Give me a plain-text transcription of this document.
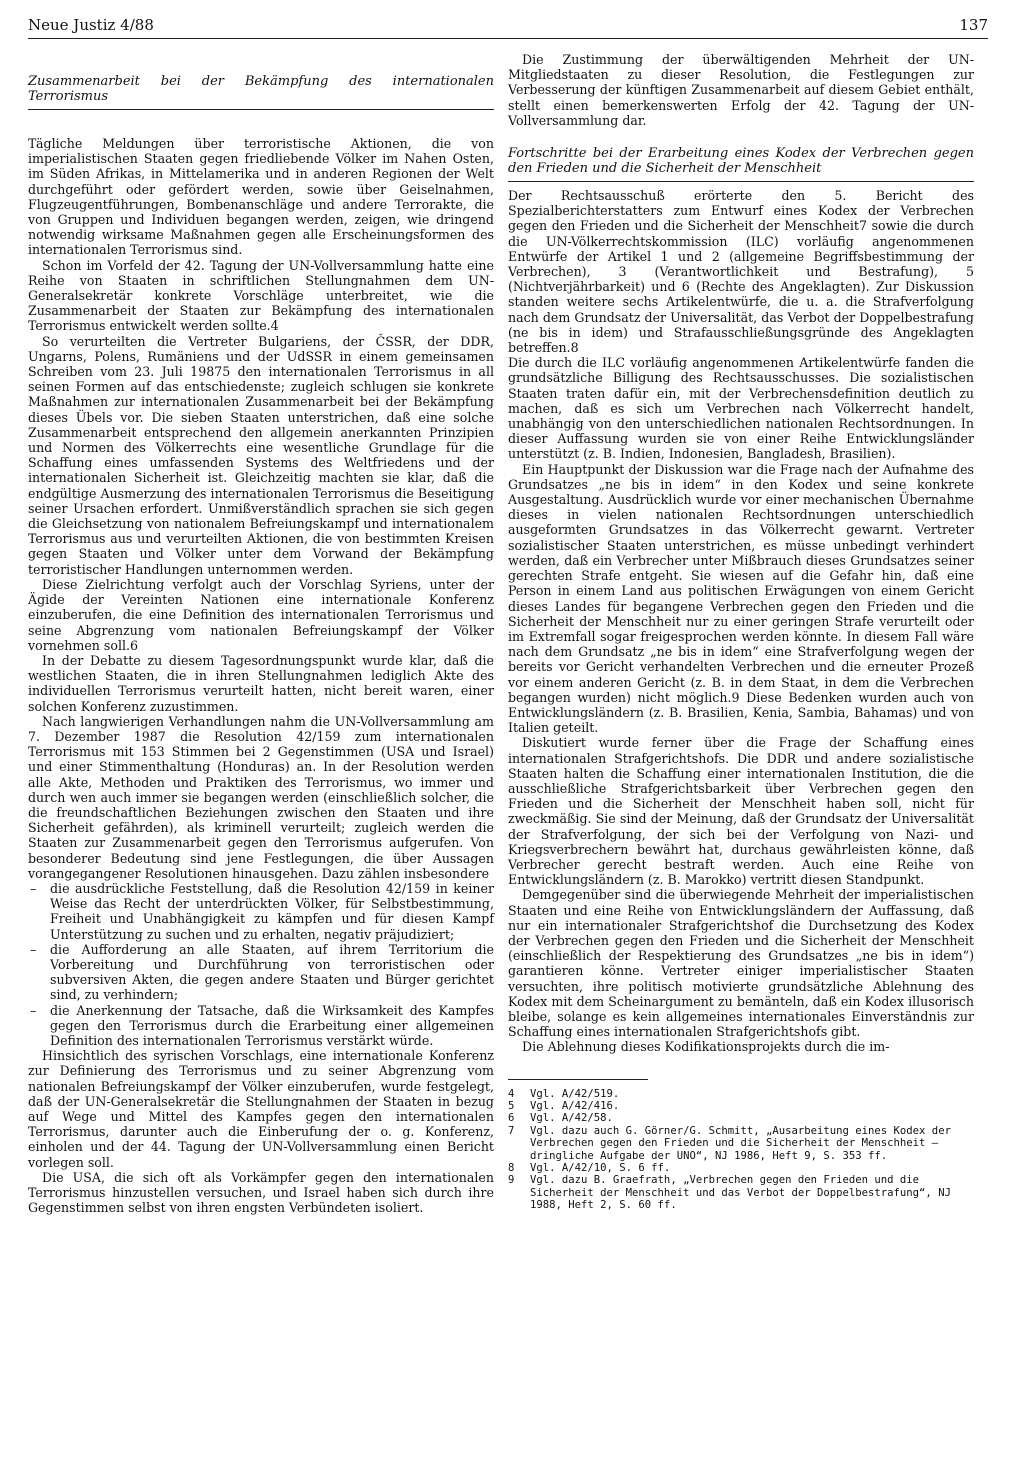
Neue Justiz 4/88	137
Zusammenarbeit bei der Bekämpfung des internationalen Terrorismus

Tägliche Meldungen über terroristische Aktionen, die von imperialistischen Staaten gegen friedliebende Völker im Nahen Osten, im Süden Afrikas, in Mittelamerika und in anderen Regionen der Welt durchgeführt oder gefördert werden, sowie über Geiselnahmen, Flugzeugentführungen, Bombenanschläge und andere Terrorakte, die von Gruppen und Individuen begangen werden, zeigen, wie dringend notwendig wirksame Maßnahmen gegen alle Erscheinungsformen des internationalen Terrorismus sind.

Schon im Vorfeld der 42. Tagung der UN-Vollversammlung hatte eine Reihe von Staaten in schriftlichen Stellungnahmen dem UN-Generalsekretär konkrete Vorschläge unterbreitet, wie die Zusammenarbeit der Staaten zur Bekämpfung des internationalen Terrorismus entwickelt werden sollte.4

So verurteilten die Vertreter Bulgariens, der ČSSR, der DDR, Ungarns, Polens, Rumäniens und der UdSSR in einem gemeinsamen Schreiben vom 23. Juli 19875 den internationalen Terrorismus in all seinen Formen auf das entschiedenste; zugleich schlugen sie konkrete Maßnahmen zur internationalen Zusammenarbeit bei der Bekämpfung dieses Übels vor. Die sieben Staaten unterstrichen, daß eine solche Zusammenarbeit entsprechend den allgemein anerkannten Prinzipien und Normen des Völkerrechts eine wesentliche Grundlage für die Schaffung eines umfassenden Systems des Weltfriedens und der internationalen Sicherheit ist. Gleichzeitig machten sie klar, daß die endgültige Ausmerzung des internationalen Terrorismus die Beseitigung seiner Ursachen erfordert. Unmißverständlich sprachen sie sich gegen die Gleichsetzung von nationalem Befreiungskampf und internationalem Terrorismus aus und verurteilten Aktionen, die von bestimmten Kreisen gegen Staaten und Völker unter dem Vorwand der Bekämpfung terroristischer Handlungen unternommen werden.

Diese Zielrichtung verfolgt auch der Vorschlag Syriens, unter der Ägide der Vereinten Nationen eine internationale Konferenz einzuberufen, die eine Definition des internationalen Terrorismus und seine Abgrenzung vom nationalen Befreiungskampf der Völker vornehmen soll.6

In der Debatte zu diesem Tagesordnungspunkt wurde klar, daß die westlichen Staaten, die in ihren Stellungnahmen lediglich Akte des individuellen Terrorismus verurteilt hatten, nicht bereit waren, einer solchen Konferenz zuzustimmen.

Nach langwierigen Verhandlungen nahm die UN-Vollversammlung am 7. Dezember 1987 die Resolution 42/159 zum internationalen Terrorismus mit 153 Stimmen bei 2 Gegenstimmen (USA und Israel) und einer Stimmenthaltung (Honduras) an. In der Resolution werden alle Akte, Methoden und Praktiken des Terrorismus, wo immer und durch wen auch immer sie begangen werden (einschließlich solcher, die die freundschaftlichen Beziehungen zwischen den Staaten und ihre Sicherheit gefährden), als kriminell verurteilt; zugleich werden die Staaten zur Zusammenarbeit gegen den Terrorismus aufgerufen. Von besonderer Bedeutung sind jene Festlegungen, die über Aussagen vorangegangener Resolutionen hinausgehen. Dazu zählen insbesondere

– die ausdrückliche Feststellung, daß die Resolution 42/159 in keiner Weise das Recht der unterdrückten Völker, für Selbstbestimmung, Freiheit und Unabhängigkeit zu kämpfen und für diesen Kampf Unterstützung zu suchen und zu erhalten, negativ präjudiziert;
– die Aufforderung an alle Staaten, auf ihrem Territorium die Vorbereitung und Durchführung von terroristischen oder subversiven Akten, die gegen andere Staaten und Bürger gerichtet sind, zu verhindern;
– die Anerkennung der Tatsache, daß die Wirksamkeit des Kampfes gegen den Terrorismus durch die Erarbeitung einer allgemeinen Definition des internationalen Terrorismus verstärkt würde.

Hinsichtlich des syrischen Vorschlags, eine internationale Konferenz zur Definierung des Terrorismus und zu seiner Abgrenzung vom nationalen Befreiungskampf der Völker einzuberufen, wurde festgelegt, daß der UN-Generalsekretär die Stellungnahmen der Staaten in bezug auf Wege und Mittel des Kampfes gegen den internationalen Terrorismus, darunter auch die Einberufung der o. g. Konferenz, einholen und der 44. Tagung der UN-Vollversammlung einen Bericht vorlegen soll.

Die USA, die sich oft als Vorkämpfer gegen den internationalen Terrorismus hinzustellen versuchen, und Israel haben sich durch ihre Gegenstimmen selbst von ihren engsten Verbündeten isoliert.

Die Zustimmung der überwältigenden Mehrheit der UN-Mitgliedstaaten zu dieser Resolution, die Festlegungen zur Verbesserung der künftigen Zusammenarbeit auf diesem Gebiet enthält, stellt einen bemerkenswerten Erfolg der 42. Tagung der UN-Vollversammlung dar.

Fortschritte bei der Erarbeitung eines Kodex der Verbrechen gegen den Frieden und die Sicherheit der Menschheit

Der Rechtsausschuß erörterte den 5. Bericht des Spezialberichterstatters zum Entwurf eines Kodex der Verbrechen gegen den Frieden und die Sicherheit der Menschheit7 sowie die durch die UN-Völkerrechtskommission (ILC) vorläufig angenommenen Entwürfe der Artikel 1 und 2 (allgemeine Begriffsbestimmung der Verbrechen), 3 (Verantwortlichkeit und Bestrafung), 5 (Nichtverjährbarkeit) und 6 (Rechte des Angeklagten). Zur Diskussion standen weitere sechs Artikelentwürfe, die u. a. die Strafverfolgung nach dem Grundsatz der Universalität, das Verbot der Doppelbestrafung (ne bis in idem) und Strafausschließungsgründe des Angeklagten betreffen.8

Die durch die ILC vorläufig angenommenen Artikelentwürfe fanden die grundsätzliche Billigung des Rechtsausschusses. Die sozialistischen Staaten traten dafür ein, mit der Verbrechensdefinition deutlich zu machen, daß es sich um Verbrechen nach Völkerrecht handelt, unabhängig von den unterschiedlichen nationalen Rechtsordnungen. In dieser Auffassung wurden sie von einer Reihe Entwicklungsländer unterstützt (z. B. Indien, Indonesien, Bangladesh, Brasilien).

Ein Hauptpunkt der Diskussion war die Frage nach der Aufnahme des Grundsatzes „ne bis in idem“ in den Kodex und seine konkrete Ausgestaltung. Ausdrücklich wurde vor einer mechanischen Übernahme dieses in vielen nationalen Rechtsordnungen unterschiedlich ausgeformten Grundsatzes in das Völkerrecht gewarnt. Vertreter sozialistischer Staaten unterstrichen, es müsse unbedingt verhindert werden, daß ein Verbrecher unter Mißbrauch dieses Grundsatzes seiner gerechten Strafe entgeht. Sie wiesen auf die Gefahr hin, daß eine Person in einem Land aus politischen Erwägungen von einem Gericht dieses Landes für begangene Verbrechen gegen den Frieden und die Sicherheit der Menschheit nur zu einer geringen Strafe verurteilt oder im Extremfall sogar freigesprochen werden könnte. In diesem Fall wäre nach dem Grundsatz „ne bis in idem“ eine Strafverfolgung wegen der bereits vor Gericht verhandelten Verbrechen und die erneuter Prozeß vor einem anderen Gericht (z. B. in dem Staat, in dem die Verbrechen begangen wurden) nicht möglich.9 Diese Bedenken wurden auch von Entwicklungsländern (z. B. Brasilien, Kenia, Sambia, Bahamas) und von Italien geteilt.

Diskutiert wurde ferner über die Frage der Schaffung eines internationalen Strafgerichtshofs. Die DDR und andere sozialistische Staaten halten die Schaffung einer internationalen Institution, die die ausschließliche Strafgerichtsbarkeit über Verbrechen gegen den Frieden und die Sicherheit der Menschheit haben soll, nicht für zweckmäßig. Sie sind der Meinung, daß der Grundsatz der Universalität der Strafverfolgung, der sich bei der Verfolgung von Nazi- und Kriegsverbrechern bewährt hat, durchaus gewährleisten könne, daß Verbrecher gerecht bestraft werden. Auch eine Reihe von Entwicklungsländern (z. B. Marokko) vertritt diesen Standpunkt.

Demgegenüber sind die überwiegende Mehrheit der imperialistischen Staaten und eine Reihe von Entwicklungsländern der Auffassung, daß nur ein internationaler Strafgerichtshof die Durchsetzung des Kodex der Verbrechen gegen den Frieden und die Sicherheit der Menschheit (einschließlich der Respektierung des Grundsatzes „ne bis in idem“) garantieren könne. Vertreter einiger imperialistischer Staaten versuchten, ihre politisch motivierte grundsätzliche Ablehnung des Kodex mit dem Scheinargument zu bemänteln, daß ein Kodex illusorisch bleibe, solange es kein allgemeines internationales Einverständnis zur Schaffung eines internationalen Strafgerichtshofs gibt.

Die Ablehnung dieses Kodifikationsprojekts durch die im-

4	Vgl. A/42/519.
5	Vgl. A/42/416.
6	Vgl. A/42/58.
7	Vgl. dazu auch G. Görner/G. Schmitt, „Ausarbeitung eines Kodex der Verbrechen gegen den Frieden und die Sicherheit der Menschheit – dringliche Aufgabe der UNO“, NJ 1986, Heft 9, S. 353 ff.
8	Vgl. A/42/10, S. 6 ff.
9	Vgl. dazu B. Graefrath, „Verbrechen gegen den Frieden und die Sicherheit der Menschheit und das Verbot der Doppelbestrafung“, NJ 1988, Heft 2, S. 60 ff.
